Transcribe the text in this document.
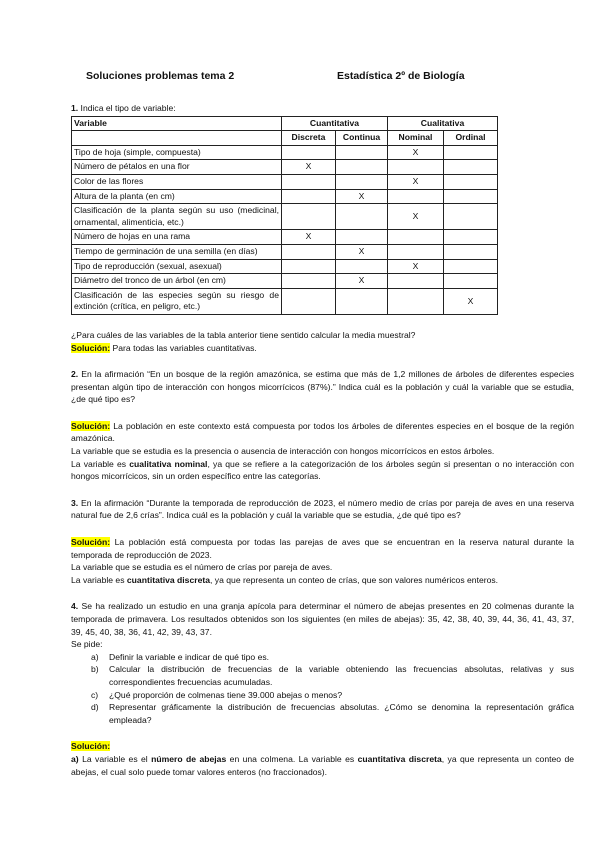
Soluciones problemas tema 2	Estadística 2º de Biología

1. Indica el tipo de variable:

Variable	Cuantitativa		Cualitativa	
	Discreta	Continua	Nominal	Ordinal
Tipo de hoja (simple, compuesta)			X	
Número de pétalos en una flor	X			
Color de las flores			X	
Altura de la planta (en cm)		X		
Clasificación de la planta según su uso (medicinal, ornamental, alimenticia, etc.)			X	
Número de hojas en una rama	X			
Tiempo de germinación de una semilla (en días)		X		
Tipo de reproducción (sexual, asexual)			X	
Diámetro del tronco de un árbol (en cm)		X		
Clasificación de las especies según su riesgo de extinción (crítica, en peligro, etc.)				X

¿Para cuáles de las variables de la tabla anterior tiene sentido calcular la media muestral?

Solución: Para todas las variables cuantitativas.

2. En la afirmación “En un bosque de la región amazónica, se estima que más de 1,2 millones de árboles de diferentes especies presentan algún tipo de interacción con hongos micorrícicos (87%).” Indica cuál es la población y cuál la variable que se estudia, ¿de qué tipo es?

Solución: La población en este contexto está compuesta por todos los árboles de diferentes especies en el bosque de la región amazónica.

La variable que se estudia es la presencia o ausencia de interacción con hongos micorrícicos en estos árboles.

La variable es cualitativa nominal, ya que se refiere a la categorización de los árboles según si presentan o no interacción con hongos micorrícicos, sin un orden específico entre las categorías.

3. En la afirmación “Durante la temporada de reproducción de 2023, el número medio de crías por pareja de aves en una reserva natural fue de 2,6 crías”. Indica cuál es la población y cuál la variable que se estudia, ¿de qué tipo es?

Solución: La población está compuesta por todas las parejas de aves que se encuentran en la reserva natural durante la temporada de reproducción de 2023.

La variable que se estudia es el número de crías por pareja de aves.

La variable es cuantitativa discreta, ya que representa un conteo de crías, que son valores numéricos enteros.

4. Se ha realizado un estudio en una granja apícola para determinar el número de abejas presentes en 20 colmenas durante la temporada de primavera. Los resultados obtenidos son los siguientes (en miles de abejas): 35, 42, 38, 40, 39, 44, 36, 41, 43, 37, 39, 45, 40, 38, 36, 41, 42, 39, 43, 37.

Se pide:

a) Definir la variable e indicar de qué tipo es.
b) Calcular la distribución de frecuencias de la variable obteniendo las frecuencias absolutas, relativas y sus correspondientes frecuencias acumuladas.
c) ¿Qué proporción de colmenas tiene 39.000 abejas o menos?
d) Representar gráficamente la distribución de frecuencias absolutas. ¿Cómo se denomina la representación gráfica empleada?

Solución:

a) La variable es el número de abejas en una colmena. La variable es cuantitativa discreta, ya que representa un conteo de abejas, el cual solo puede tomar valores enteros (no fraccionados).
